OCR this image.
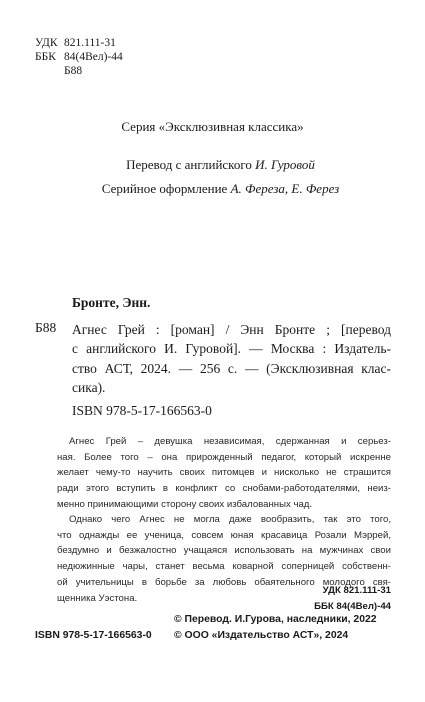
УДК 821.111-31
ББК 84(4Вел)-44
Б88
Серия «Эксклюзивная классика»
Перевод с английского И. Гуровой
Серийное оформление А. Фереза, Е. Ферез
Бронте, Энн.
Б88 Агнес Грей : [роман] / Энн Бронте ; [перевод
с английского И. Гуровой]. — Москва : Издатель-
ство АСТ, 2024. — 256 с. — (Эксклюзивная клас-
сика).
ISBN 978-5-17-166563-0
Агнес Грей – девушка независимая, сдержанная и серьез-
ная. Более того – она прирожденный педагог, который искренне
желает чему-то научить своих питомцев и нисколько не страшится
ради этого вступить в конфликт со снобами-работодателями, неиз-
менно принимающими сторону своих избалованных чад.
Однако чего Агнес не могла даже вообразить, так это того,
что однажды ее ученица, совсем юная красавица Розали Мэррей,
бездумно и безжалостно учащаяся использовать на мужчинах свои
недюжинные чары, станет весьма коварной соперницей собственн-
ой учительницы в борьбе за любовь обаятельного молодого свя-
щенника Уэстона.
УДК 821.111-31
ББК 84(4Вел)-44
© Перевод. И.Гурова, наследники, 2022
ISBN 978-5-17-166563-0 © ООО «Издательство АСТ», 2024
